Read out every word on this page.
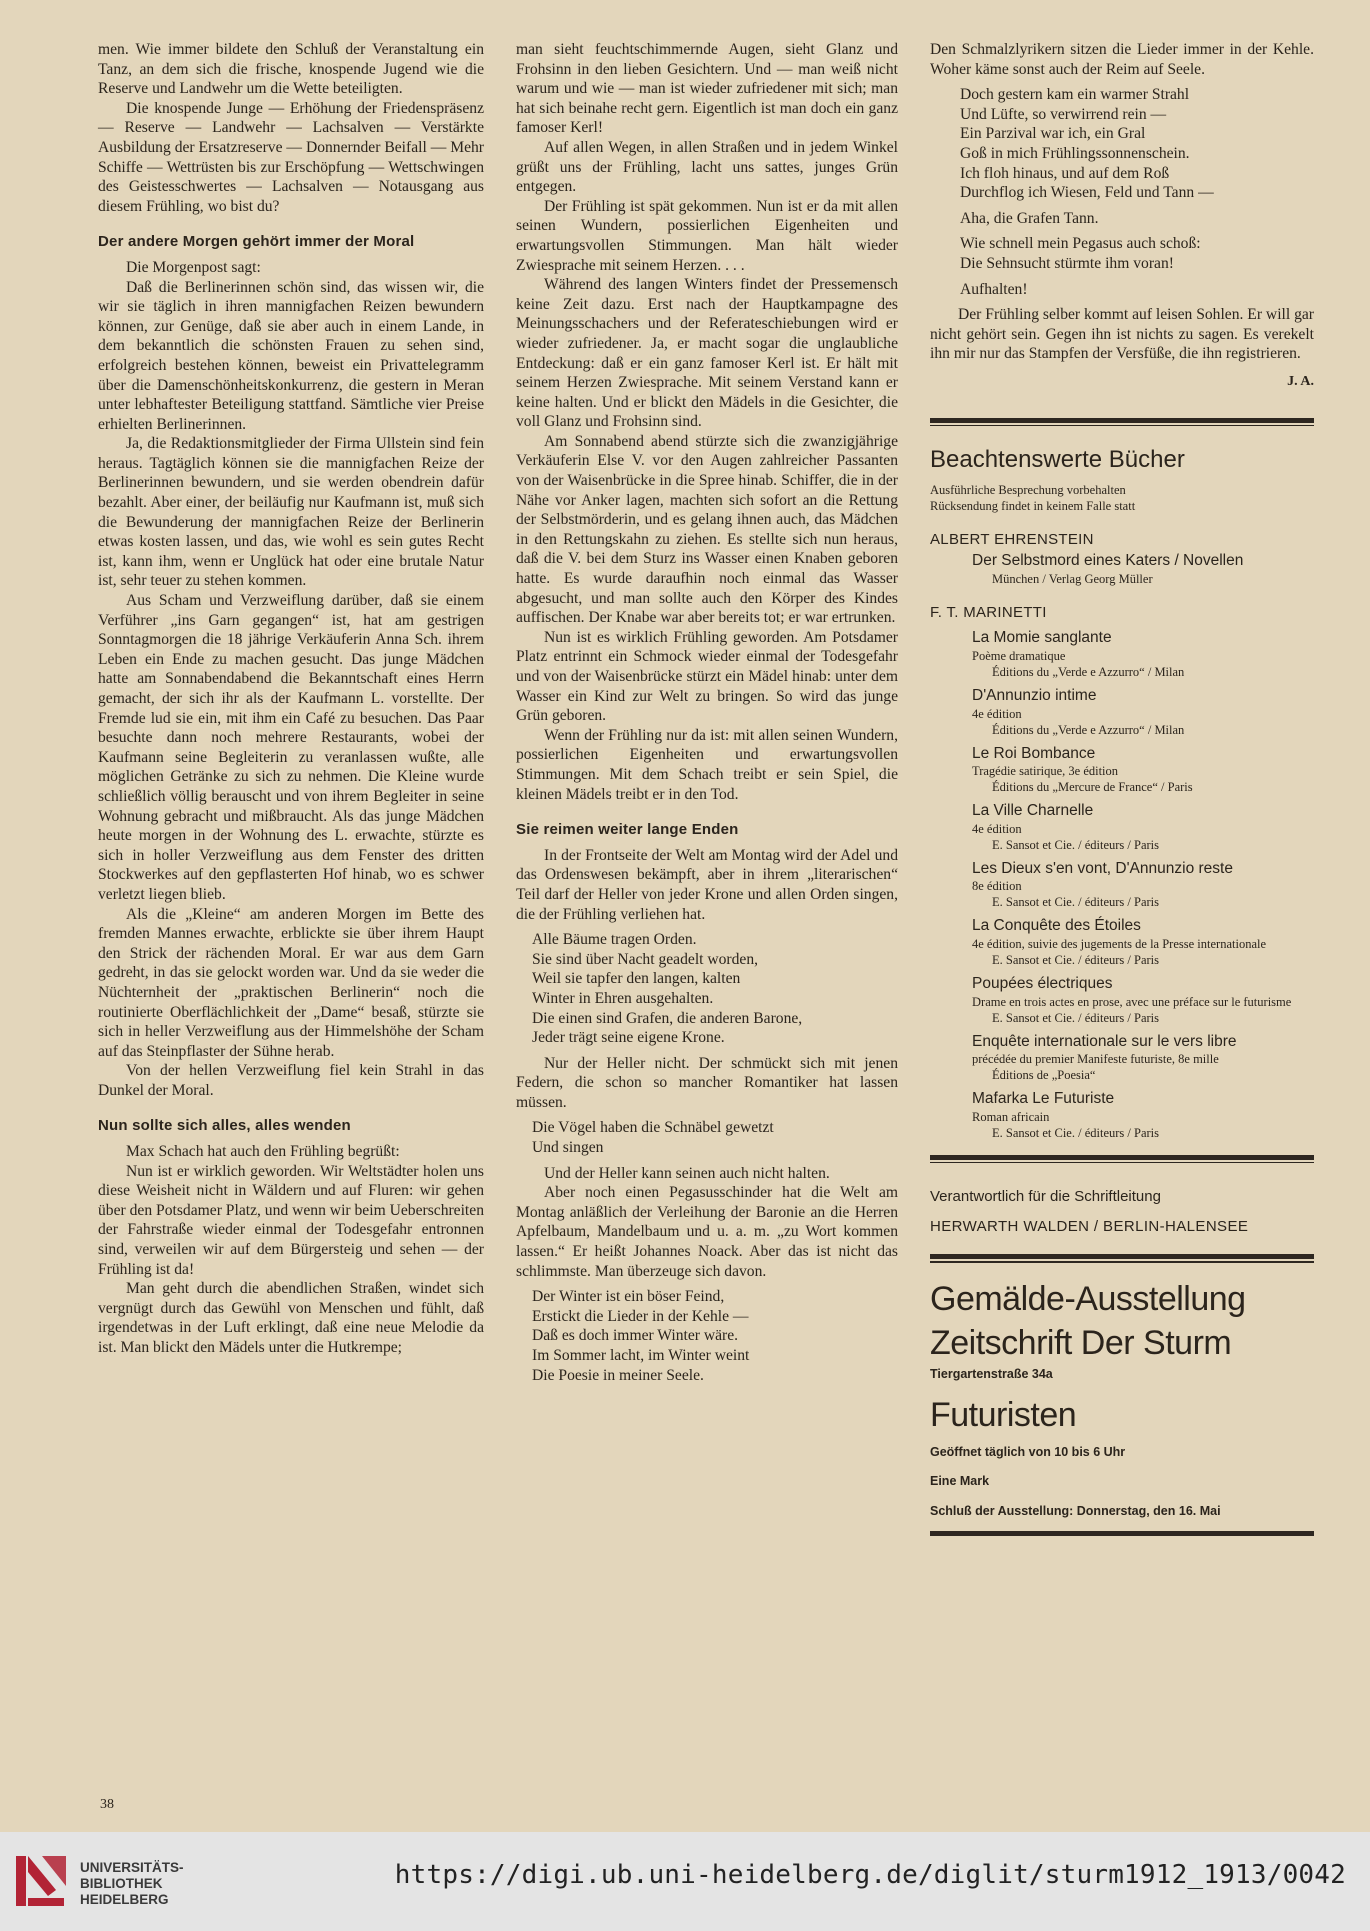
men. Wie immer bildete den Schluß der Veranstaltung ein Tanz, an dem sich die frische, knospende Jugend wie die Reserve und Landwehr um die Wette beteiligten.

Die knospende Junge — Erhöhung der Friedenspräsenz — Reserve — Landwehr — Lachsalven — Verstärkte Ausbildung der Ersatzreserve — Donnernder Beifall — Mehr Schiffe — Wettrüsten bis zur Erschöpfung — Wettschwingen des Geistesschwertes — Lachsalven — Notausgang aus diesem Frühling, wo bist du?

Der andere Morgen gehört immer der Moral

Die Morgenpost sagt:

Daß die Berlinerinnen schön sind, das wissen wir, die wir sie täglich in ihren mannigfachen Reizen bewundern können, zur Genüge, daß sie aber auch in einem Lande, in dem bekanntlich die schönsten Frauen zu sehen sind, erfolgreich bestehen können, beweist ein Privattelegramm über die Damenschönheitskonkurrenz, die gestern in Meran unter lebhaftester Beteiligung stattfand. Sämtliche vier Preise erhielten Berlinerinnen.

Ja, die Redaktionsmitglieder der Firma Ullstein sind fein heraus. Tagtäglich können sie die mannigfachen Reize der Berlinerinnen bewundern, und sie werden obendrein dafür bezahlt. Aber einer, der beiläufig nur Kaufmann ist, muß sich die Bewunderung der mannigfachen Reize der Berlinerin etwas kosten lassen, und das, wie wohl es sein gutes Recht ist, kann ihm, wenn er Unglück hat oder eine brutale Natur ist, sehr teuer zu stehen kommen.

Aus Scham und Verzweiflung darüber, daß sie einem Verführer „ins Garn gegangen“ ist, hat am gestrigen Sonntagmorgen die 18 jährige Verkäuferin Anna Sch. ihrem Leben ein Ende zu machen gesucht. Das junge Mädchen hatte am Sonnabendabend die Bekanntschaft eines Herrn gemacht, der sich ihr als der Kaufmann L. vorstellte. Der Fremde lud sie ein, mit ihm ein Café zu besuchen. Das Paar besuchte dann noch mehrere Restaurants, wobei der Kaufmann seine Begleiterin zu veranlassen wußte, alle möglichen Getränke zu sich zu nehmen. Die Kleine wurde schließlich völlig berauscht und von ihrem Begleiter in seine Wohnung gebracht und mißbraucht. Als das junge Mädchen heute morgen in der Wohnung des L. erwachte, stürzte es sich in holler Verzweiflung aus dem Fenster des dritten Stockwerkes auf den gepflasterten Hof hinab, wo es schwer verletzt liegen blieb.

Als die „Kleine“ am anderen Morgen im Bette des fremden Mannes erwachte, erblickte sie über ihrem Haupt den Strick der rächenden Moral. Er war aus dem Garn gedreht, in das sie gelockt worden war. Und da sie weder die Nüchternheit der „praktischen Berlinerin“ noch die routinierte Oberflächlichkeit der „Dame“ besaß, stürzte sie sich in heller Verzweiflung aus der Himmelshöhe der Scham auf das Steinpflaster der Sühne herab.

Von der hellen Verzweiflung fiel kein Strahl in das Dunkel der Moral.

Nun sollte sich alles, alles wenden

Max Schach hat auch den Frühling begrüßt:

Nun ist er wirklich geworden. Wir Weltstädter holen uns diese Weisheit nicht in Wäldern und auf Fluren: wir gehen über den Potsdamer Platz, und wenn wir beim Ueberschreiten der Fahrstraße wieder einmal der Todesgefahr entronnen sind, verweilen wir auf dem Bürgersteig und sehen — der Frühling ist da!

Man geht durch die abendlichen Straßen, windet sich vergnügt durch das Gewühl von Menschen und fühlt, daß irgendetwas in der Luft erklingt, daß eine neue Melodie da ist. Man blickt den Mädels unter die Hutkrempe;

man sieht feuchtschimmernde Augen, sieht Glanz und Frohsinn in den lieben Gesichtern. Und — man weiß nicht warum und wie — man ist wieder zufriedener mit sich; man hat sich beinahe recht gern. Eigentlich ist man doch ein ganz famoser Kerl!

Auf allen Wegen, in allen Straßen und in jedem Winkel grüßt uns der Frühling, lacht uns sattes, junges Grün entgegen.

Der Frühling ist spät gekommen. Nun ist er da mit allen seinen Wundern, possierlichen Eigenheiten und erwartungsvollen Stimmungen. Man hält wieder Zwiesprache mit seinem Herzen. . . .

Während des langen Winters findet der Pressemensch keine Zeit dazu. Erst nach der Hauptkampagne des Meinungsschachers und der Referateschiebungen wird er wieder zufriedener. Ja, er macht sogar die unglaubliche Entdeckung: daß er ein ganz famoser Kerl ist. Er hält mit seinem Herzen Zwiesprache. Mit seinem Verstand kann er keine halten. Und er blickt den Mädels in die Gesichter, die voll Glanz und Frohsinn sind.

Am Sonnabend abend stürzte sich die zwanzigjährige Verkäuferin Else V. vor den Augen zahlreicher Passanten von der Waisenbrücke in die Spree hinab. Schiffer, die in der Nähe vor Anker lagen, machten sich sofort an die Rettung der Selbstmörderin, und es gelang ihnen auch, das Mädchen in den Rettungskahn zu ziehen. Es stellte sich nun heraus, daß die V. bei dem Sturz ins Wasser einen Knaben geboren hatte. Es wurde daraufhin noch einmal das Wasser abgesucht, und man sollte auch den Körper des Kindes auffischen. Der Knabe war aber bereits tot; er war ertrunken.

Nun ist es wirklich Frühling geworden. Am Potsdamer Platz entrinnt ein Schmock wieder einmal der Todesgefahr und von der Waisenbrücke stürzt ein Mädel hinab: unter dem Wasser ein Kind zur Welt zu bringen. So wird das junge Grün geboren.

Wenn der Frühling nur da ist: mit allen seinen Wundern, possierlichen Eigenheiten und erwartungsvollen Stimmungen. Mit dem Schach treibt er sein Spiel, die kleinen Mädels treibt er in den Tod.

Sie reimen weiter lange Enden

In der Frontseite der Welt am Montag wird der Adel und das Ordenswesen bekämpft, aber in ihrem „literarischen“ Teil darf der Heller von jeder Krone und allen Orden singen, die der Frühling verliehen hat.

Alle Bäume tragen Orden.
Sie sind über Nacht geadelt worden,
Weil sie tapfer den langen, kalten
Winter in Ehren ausgehalten.
Die einen sind Grafen, die anderen Barone,
Jeder trägt seine eigene Krone.

Nur der Heller nicht. Der schmückt sich mit jenen Federn, die schon so mancher Romantiker hat lassen müssen.

Die Vögel haben die Schnäbel gewetzt
Und singen

Und der Heller kann seinen auch nicht halten.

Aber noch einen Pegasusschinder hat die Welt am Montag anläßlich der Verleihung der Baronie an die Herren Apfelbaum, Mandelbaum und u. a. m. „zu Wort kommen lassen.“ Er heißt Johannes Noack. Aber das ist nicht das schlimmste. Man überzeuge sich davon.

Der Winter ist ein böser Feind,
Erstickt die Lieder in der Kehle —
Daß es doch immer Winter wäre.
Im Sommer lacht, im Winter weint
Die Poesie in meiner Seele.

Den Schmalzlyrikern sitzen die Lieder immer in der Kehle. Woher käme sonst auch der Reim auf Seele.

Doch gestern kam ein warmer Strahl
Und Lüfte, so verwirrend rein —
Ein Parzival war ich, ein Gral
Goß in mich Frühlingssonnenschein.
Ich floh hinaus, und auf dem Roß
Durchflog ich Wiesen, Feld und Tann —
Aha, die Grafen Tann.
Wie schnell mein Pegasus auch schoß:
Die Sehnsucht stürmte ihm voran!
Aufhalten!

Der Frühling selber kommt auf leisen Sohlen. Er will gar nicht gehört sein. Gegen ihn ist nichts zu sagen. Es verekelt ihn mir nur das Stampfen der Versfüße, die ihn registrieren.

J. A.
Beachtenswerte Bücher
Ausführliche Besprechung vorbehalten
Rücksendung findet in keinem Falle statt
ALBERT EHRENSTEIN
Der Selbstmord eines Katers / Novellen
München / Verlag Georg Müller
F. T. MARINETTI
La Momie sanglante
Poème dramatique
Éditions du „Verde e Azzurro“ / Milan
D'Annunzio intime
4e édition
Éditions du „Verde e Azzurro“ / Milan
Le Roi Bombance
Tragédie satirique, 3e édition
Éditions du „Mercure de France“ / Paris
La Ville Charnelle
4e édition
E. Sansot et Cie. / éditeurs / Paris
Les Dieux s'en vont, D'Annunzio reste
8e édition
E. Sansot et Cie. / éditeurs / Paris
La Conquête des Étoiles
4e édition, suivie des jugements de la Presse internationale
E. Sansot et Cie. / éditeurs / Paris
Poupées électriques
Drame en trois actes en prose, avec une préface sur le futurisme
E. Sansot et Cie. / éditeurs / Paris
Enquête internationale sur le vers libre
précédée du premier Manifeste futuriste, 8e mille
Éditions de „Poesia“
Mafarka Le Futuriste
Roman africain
E. Sansot et Cie. / éditeurs / Paris
Verantwortlich für die Schriftleitung
HERWARTH WALDEN / BERLIN-HALENSEE
Gemälde-Ausstellung
Zeitschrift Der Sturm
Tiergartenstraße 34a
Futuristen
Geöffnet täglich von 10 bis 6 Uhr
Eine Mark
Schluß der Ausstellung: Donnerstag, den 16. Mai
38
UNIVERSITÄTS-
BIBLIOTHEK
HEIDELBERG
https://digi.ub.uni-heidelberg.de/diglit/sturm1912_1913/0042
